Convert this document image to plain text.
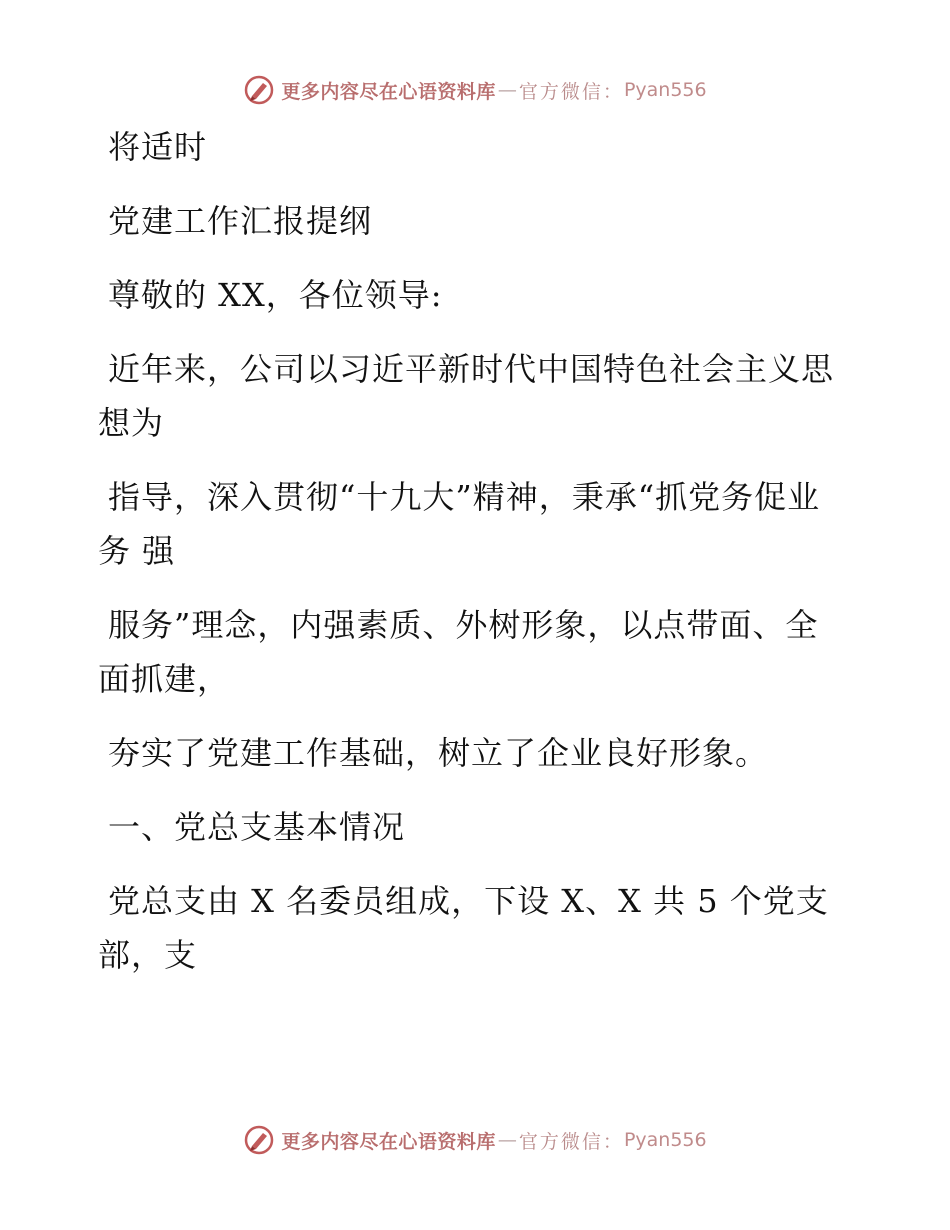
更多内容尽在心语资料库 — 官方微信： Pyan556

将适时

党建工作汇报提纲

尊敬的 XX，各位领导:

近年来，公司以习近平新时代中国特色社会主义思想为

指导，深入贯彻“十九大”精神，秉承“抓党务促业务 强

服务”理念，内强素质、外树形象，以点带面、全面抓建，

夯实了党建工作基础，树立了企业良好形象。

一、党总支基本情况

党总支由 X 名委员组成，下设 X、X 共 5 个党支部，支

更多内容尽在心语资料库 — 官方微信： Pyan556
